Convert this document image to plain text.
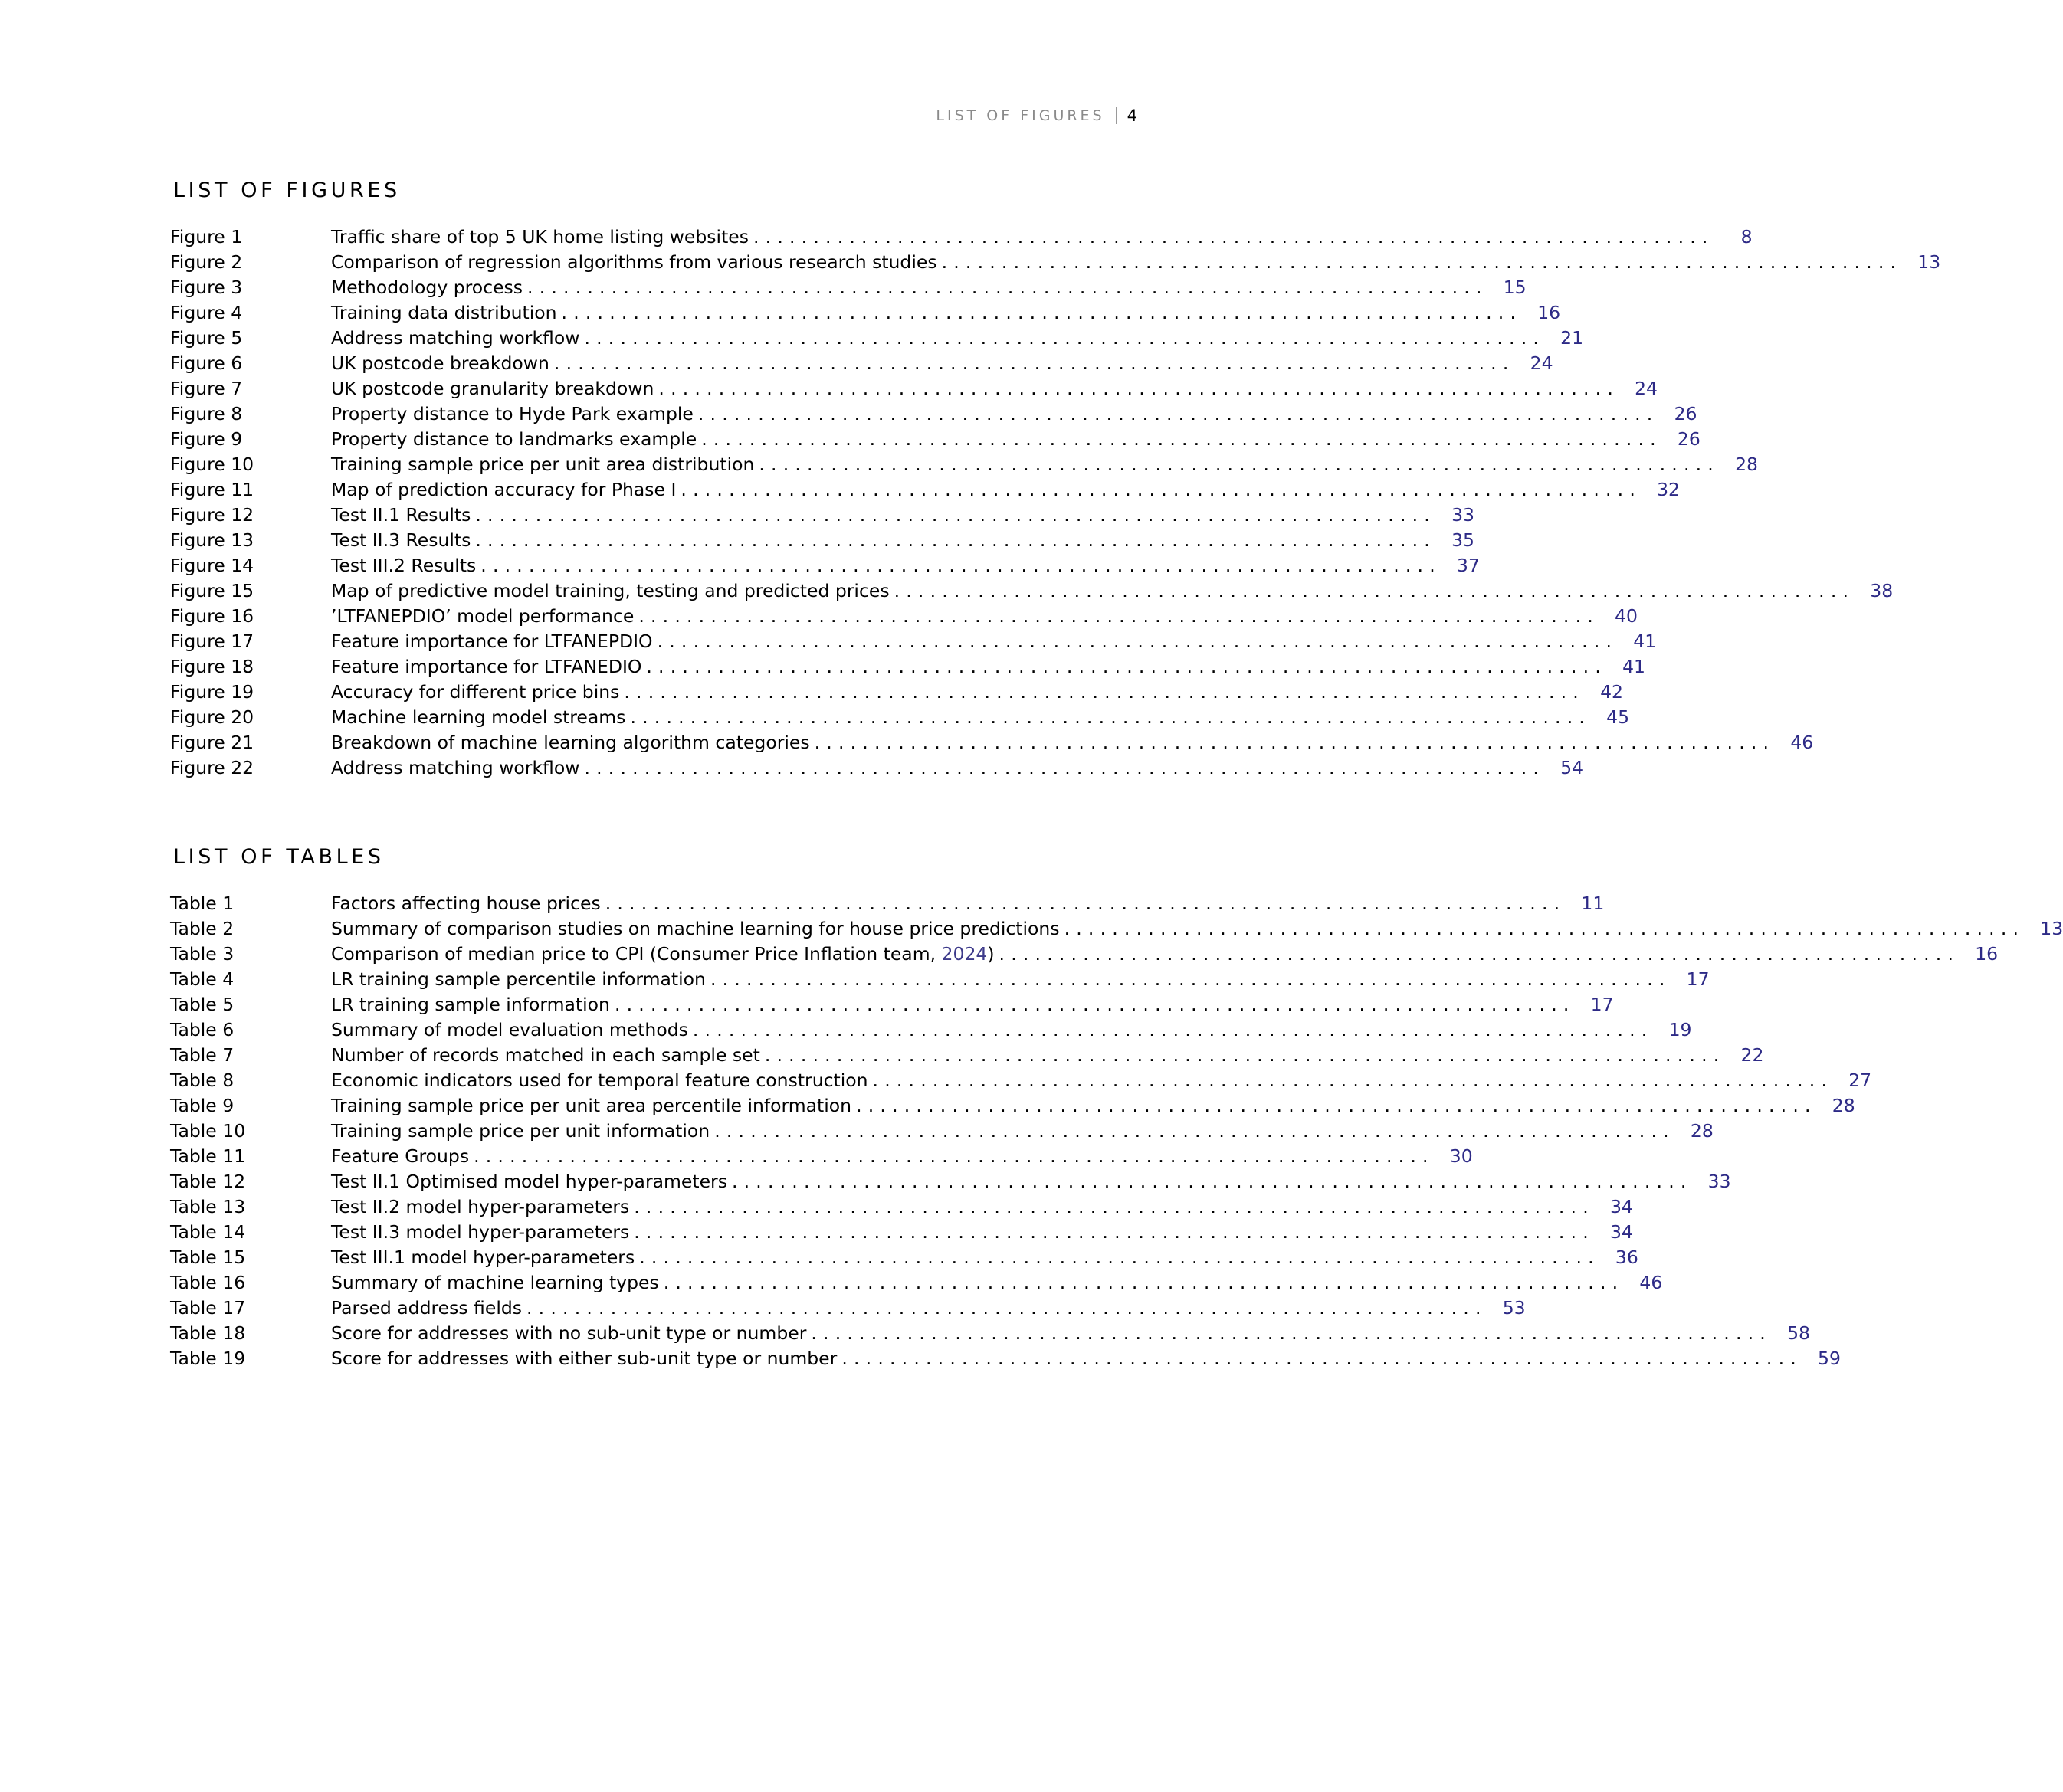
LIST OF FIGURES 4
LIST OF FIGURES
Figure 1	Traffic share of top 5 UK home listing websites ................................................................................	8
Figure 2	Comparison of regression algorithms from various research studies ................................................................................ 13
Figure 3	Methodology process ................................................................................ 15
Figure 4	Training data distribution ................................................................................ 16
Figure 5	Address matching workflow ................................................................................ 21
Figure 6	UK postcode breakdown ................................................................................ 24
Figure 7	UK postcode granularity breakdown ................................................................................ 24
Figure 8	Property distance to Hyde Park example ................................................................................ 26
Figure 9	Property distance to landmarks example ................................................................................ 26
Figure 10	Training sample price per unit area distribution ................................................................................ 28
Figure 11	Map of prediction accuracy for Phase I ................................................................................ 32
Figure 12	Test II.1 Results ................................................................................ 33
Figure 13	Test II.3 Results ................................................................................ 35
Figure 14	Test III.2 Results ................................................................................ 37
Figure 15	Map of predictive model training, testing and predicted prices ................................................................................ 38
Figure 16	’LTFANEPDIO’ model performance ................................................................................ 40
Figure 17	Feature importance for LTFANEPDIO ................................................................................ 41
Figure 18	Feature importance for LTFANEDIO ................................................................................ 41
Figure 19	Accuracy for different price bins ................................................................................ 42
Figure 20	Machine learning model streams ................................................................................ 45
Figure 21	Breakdown of machine learning algorithm categories ................................................................................ 46
Figure 22	Address matching workflow ................................................................................ 54
LIST OF TABLES
Table 1	Factors affecting house prices ................................................................................ 11
Table 2	Summary of comparison studies on machine learning for house price predictions ................................................................................ 13
Table 3	Comparison of median price to CPI (Consumer Price Inflation team, 2024) ................................................................................ 16
Table 4	LR training sample percentile information ................................................................................ 17
Table 5	LR training sample information ................................................................................ 17
Table 6	Summary of model evaluation methods ................................................................................ 19
Table 7	Number of records matched in each sample set ................................................................................ 22
Table 8	Economic indicators used for temporal feature construction ................................................................................ 27
Table 9	Training sample price per unit area percentile information ................................................................................ 28
Table 10	Training sample price per unit information ................................................................................ 28
Table 11	Feature Groups ................................................................................ 30
Table 12	Test II.1 Optimised model hyper-parameters ................................................................................ 33
Table 13	Test II.2 model hyper-parameters ................................................................................ 34
Table 14	Test II.3 model hyper-parameters ................................................................................ 34
Table 15	Test III.1 model hyper-parameters ................................................................................ 36
Table 16	Summary of machine learning types ................................................................................ 46
Table 17	Parsed address fields ................................................................................ 53
Table 18	Score for addresses with no sub-unit type or number ................................................................................ 58
Table 19	Score for addresses with either sub-unit type or number ................................................................................ 59
